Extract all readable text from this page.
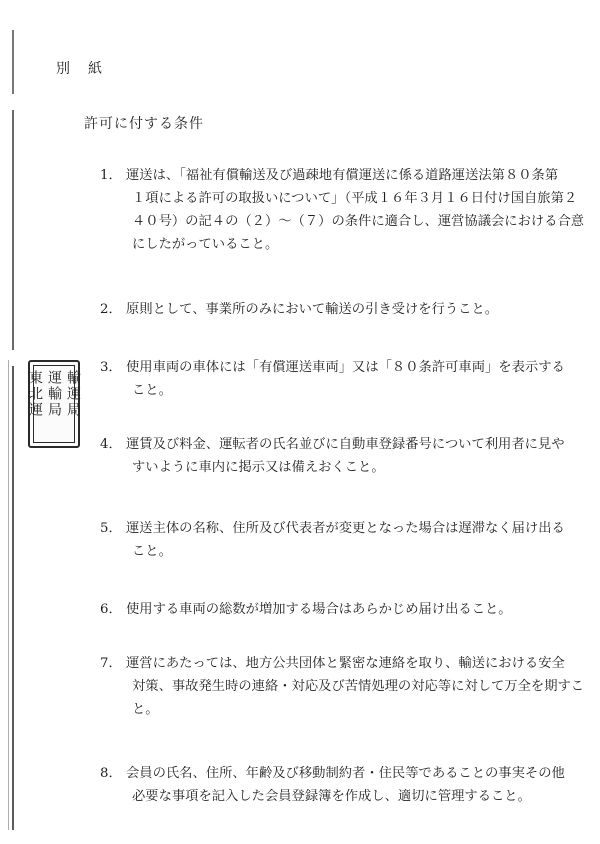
別紙
許可に付する条件
輸運局
運輸局
東北運
1． 運送は、「福祉有償輸送及び過疎地有償運送に係る道路運送法第８０条第
１項による許可の取扱いについて」（平成１６年３月１６日付け国自旅第２
４０号）の記４の（２）～（７）の条件に適合し、運営協議会における合意
にしたがっていること。
2． 原則として、事業所のみにおいて輸送の引き受けを行うこと。
3． 使用車両の車体には「有償運送車両」又は「８０条許可車両」を表示する
こと。
4． 運賃及び料金、運転者の氏名並びに自動車登録番号について利用者に見や
すいように車内に掲示又は備えおくこと。
5． 運送主体の名称、住所及び代表者が変更となった場合は遅滞なく届け出る
こと。
6． 使用する車両の総数が増加する場合はあらかじめ届け出ること。
7． 運営にあたっては、地方公共団体と緊密な連絡を取り、輸送における安全
対策、事故発生時の連絡・対応及び苦情処理の対応等に対して万全を期すこ
と。
8． 会員の氏名、住所、年齢及び移動制約者・住民等であることの事実その他
必要な事項を記入した会員登録簿を作成し、適切に管理すること。
